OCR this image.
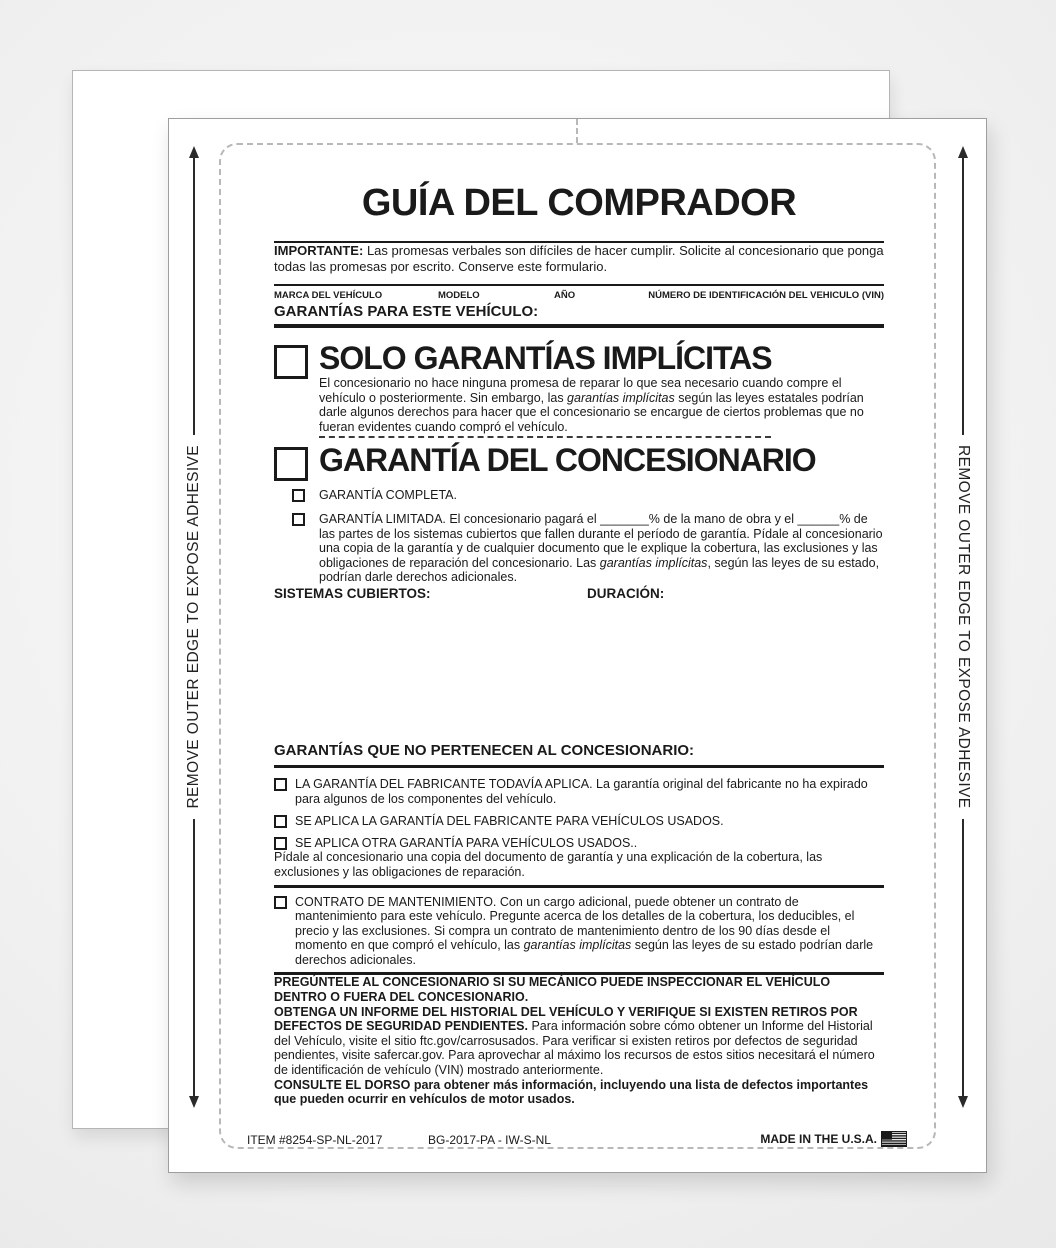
REMOVE OUTER EDGE TO EXPOSE ADHESIVE	REMOVE OUTER EDGE TO EXPOSE ADHESIVE
GUÍA DEL COMPRADOR

IMPORTANTE: Las promesas verbales son difíciles de hacer cumplir. Solicite al concesionario que ponga todas las promesas por escrito. Conserve este formulario.

MARCA DEL VEHÍCULO	MODELO	AÑO	NÚMERO DE IDENTIFICACIÓN DEL VEHICULO (VIN)
GARANTÍAS PARA ESTE VEHÍCULO:
SOLO GARANTÍAS IMPLÍCITAS

El concesionario no hace ninguna promesa de reparar lo que sea necesario cuando compre el vehículo o posteriormente. Sin embargo, las garantías implícitas según las leyes estatales podrían darle algunos derechos para hacer que el concesionario se encargue de ciertos problemas que no fueran evidentes cuando compró el vehículo.

GARANTÍA DEL CONCESIONARIO

GARANTÍA COMPLETA.

GARANTÍA LIMITADA. El concesionario pagará el _______% de la mano de obra y el ______% de las partes de los sistemas cubiertos que fallen durante el período de garantía. Pídale al concesionario una copia de la garantía y de cualquier documento que le explique la cobertura, las exclusiones y las obligaciones de reparación del concesionario. Las garantías implícitas, según las leyes de su estado, podrían darle derechos adicionales.

SISTEMAS CUBIERTOS:	DURACIÓN:
GARANTÍAS QUE NO PERTENECEN AL CONCESIONARIO:

LA GARANTÍA DEL FABRICANTE TODAVÍA APLICA. La garantía original del fabricante no ha expirado para algunos de los componentes del vehículo.

SE APLICA LA GARANTÍA DEL FABRICANTE PARA VEHÍCULOS USADOS.

SE APLICA OTRA GARANTÍA PARA VEHÍCULOS USADOS..

Pídale al concesionario una copia del documento de garantía y una explicación de la cobertura, las exclusiones y las obligaciones de reparación.

CONTRATO DE MANTENIMIENTO. Con un cargo adicional, puede obtener un contrato de mantenimiento para este vehículo. Pregunte acerca de los detalles de la cobertura, los deducibles, el precio y las exclusiones. Si compra un contrato de mantenimiento dentro de los 90 días desde el momento en que compró el vehículo, las garantías implícitas según las leyes de su estado podrían darle derechos adicionales.

PREGÚNTELE AL CONCESIONARIO SI SU MECÁNICO PUEDE INSPECCIONAR EL VEHÍCULO DENTRO O FUERA DEL CONCESIONARIO.

OBTENGA UN INFORME DEL HISTORIAL DEL VEHÍCULO Y VERIFIQUE SI EXISTEN RETIROS POR DEFECTOS DE SEGURIDAD PENDIENTES. Para información sobre cómo obtener un Informe del Historial del Vehículo, visite el sitio ftc.gov/carrosusados. Para verificar si existen retiros por defectos de seguridad pendientes, visite safercar.gov. Para aprovechar al máximo los recursos de estos sitios necesitará el número de identificación de vehículo (VIN) mostrado anteriormente.

CONSULTE EL DORSO para obtener más información, incluyendo una lista de defectos importantes que pueden ocurrir en vehículos de motor usados.

ITEM #8254-SP-NL-2017	BG-2017-PA - IW-S-NL	MADE IN THE U.S.A.
